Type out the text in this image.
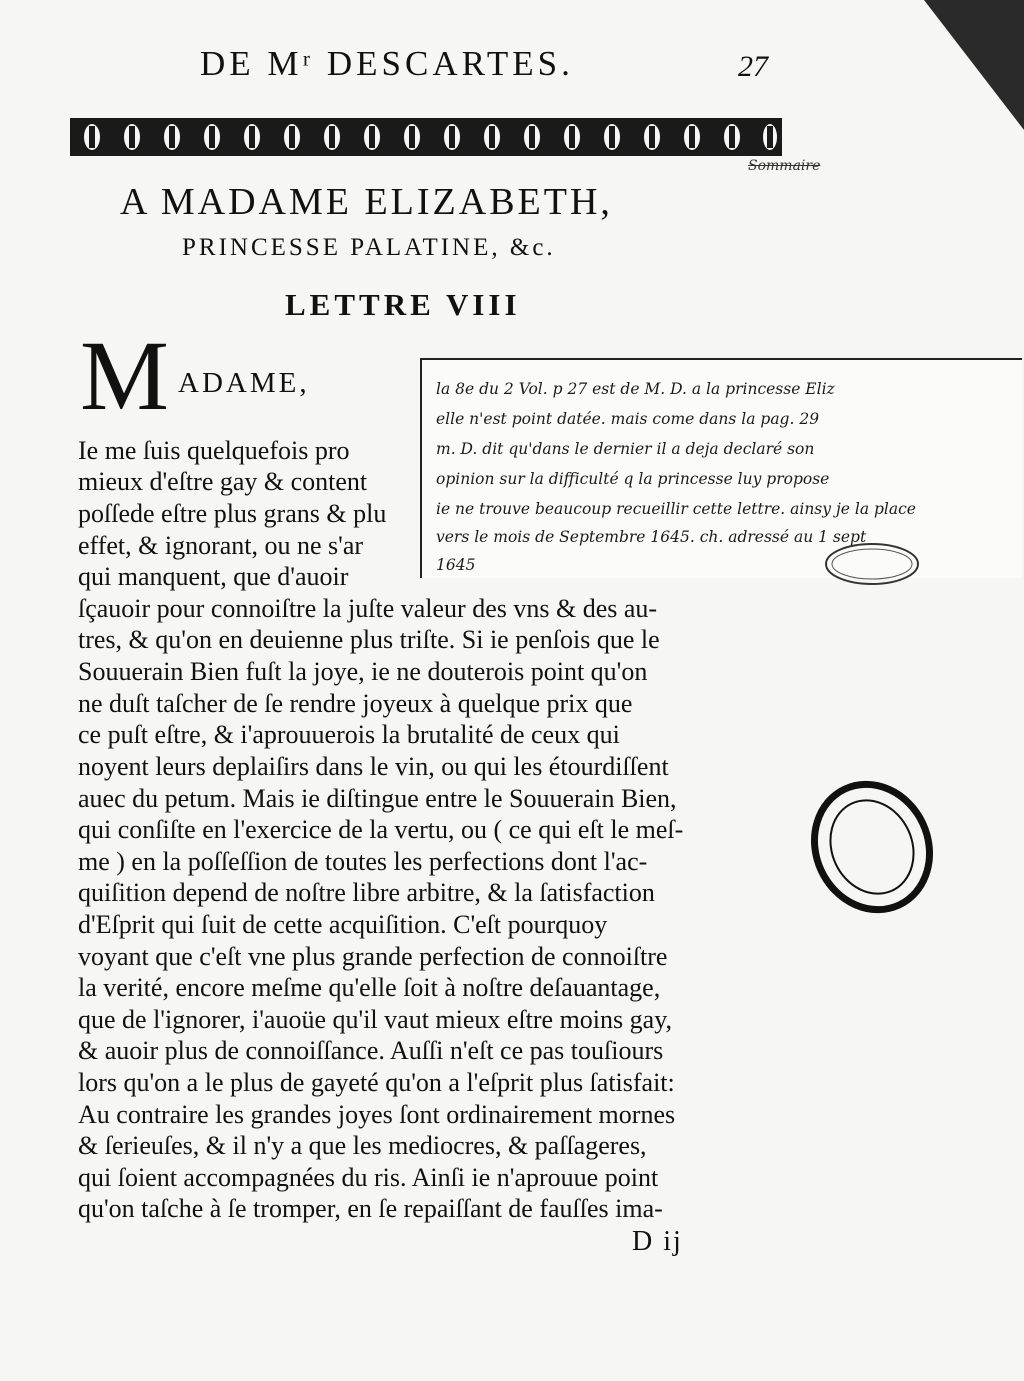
DE Mʳ DESCARTES.	27
Sommaire
A MADAME ELIZABETH,
PRINCESSE PALATINE, &c.
LETTRE VIII
M ADAME,
Ie me ſuis quelquefois pro
mieux d'eſtre gay & content
poſſede eſtre plus grans & plu
effet, & ignorant, ou ne s'ar
qui manquent, que d'auoir
ſçauoir pour connoiſtre la juſte valeur des vns & des au-
tres, & qu'on en deuienne plus triſte. Si ie penſois que le
Souuerain Bien fuſt la joye, ie ne douterois point qu'on
ne duſt taſcher de ſe rendre joyeux à quelque prix que
ce puſt eſtre, & i'aprouuerois la brutalité de ceux qui
noyent leurs deplaiſirs dans le vin, ou qui les étourdiſſent
auec du petum. Mais ie diſtingue entre le Souuerain Bien,
qui conſiſte en l'exercice de la vertu, ou ( ce qui eſt le meſ-
me ) en la poſſeſſion de toutes les perfections dont l'ac-
quiſition depend de noſtre libre arbitre, & la ſatisfaction
d'Eſprit qui ſuit de cette acquiſition. C'eſt pourquoy
voyant que c'eſt vne plus grande perfection de connoiſtre
la verité, encore meſme qu'elle ſoit à noſtre deſauantage,
que de l'ignorer, i'auoüe qu'il vaut mieux eſtre moins gay,
& auoir plus de connoiſſance. Auſſi n'eſt ce pas touſiours
lors qu'on a le plus de gayeté qu'on a l'eſprit plus ſatisfait:
Au contraire les grandes joyes ſont ordinairement mornes
& ſerieuſes, & il n'y a que les mediocres, & paſſageres,
qui ſoient accompagnées du ris. Ainſi ie n'aprouue point
qu'on taſche à ſe tromper, en ſe repaiſſant de fauſſes ima-
la 8e du 2 Vol. p 27 est de M. D. a la princesse Eliz
elle n'est point datée. mais come dans la pag. 29
m. D. dit qu'dans le dernier il a deja declaré son
opinion sur la difficulté q la princesse luy propose
ie ne trouve beaucoup recueillir cette lettre. ainsy je la place
vers le mois de Septembre 1645. ch. adressé au 1 sept
1645
D ij
